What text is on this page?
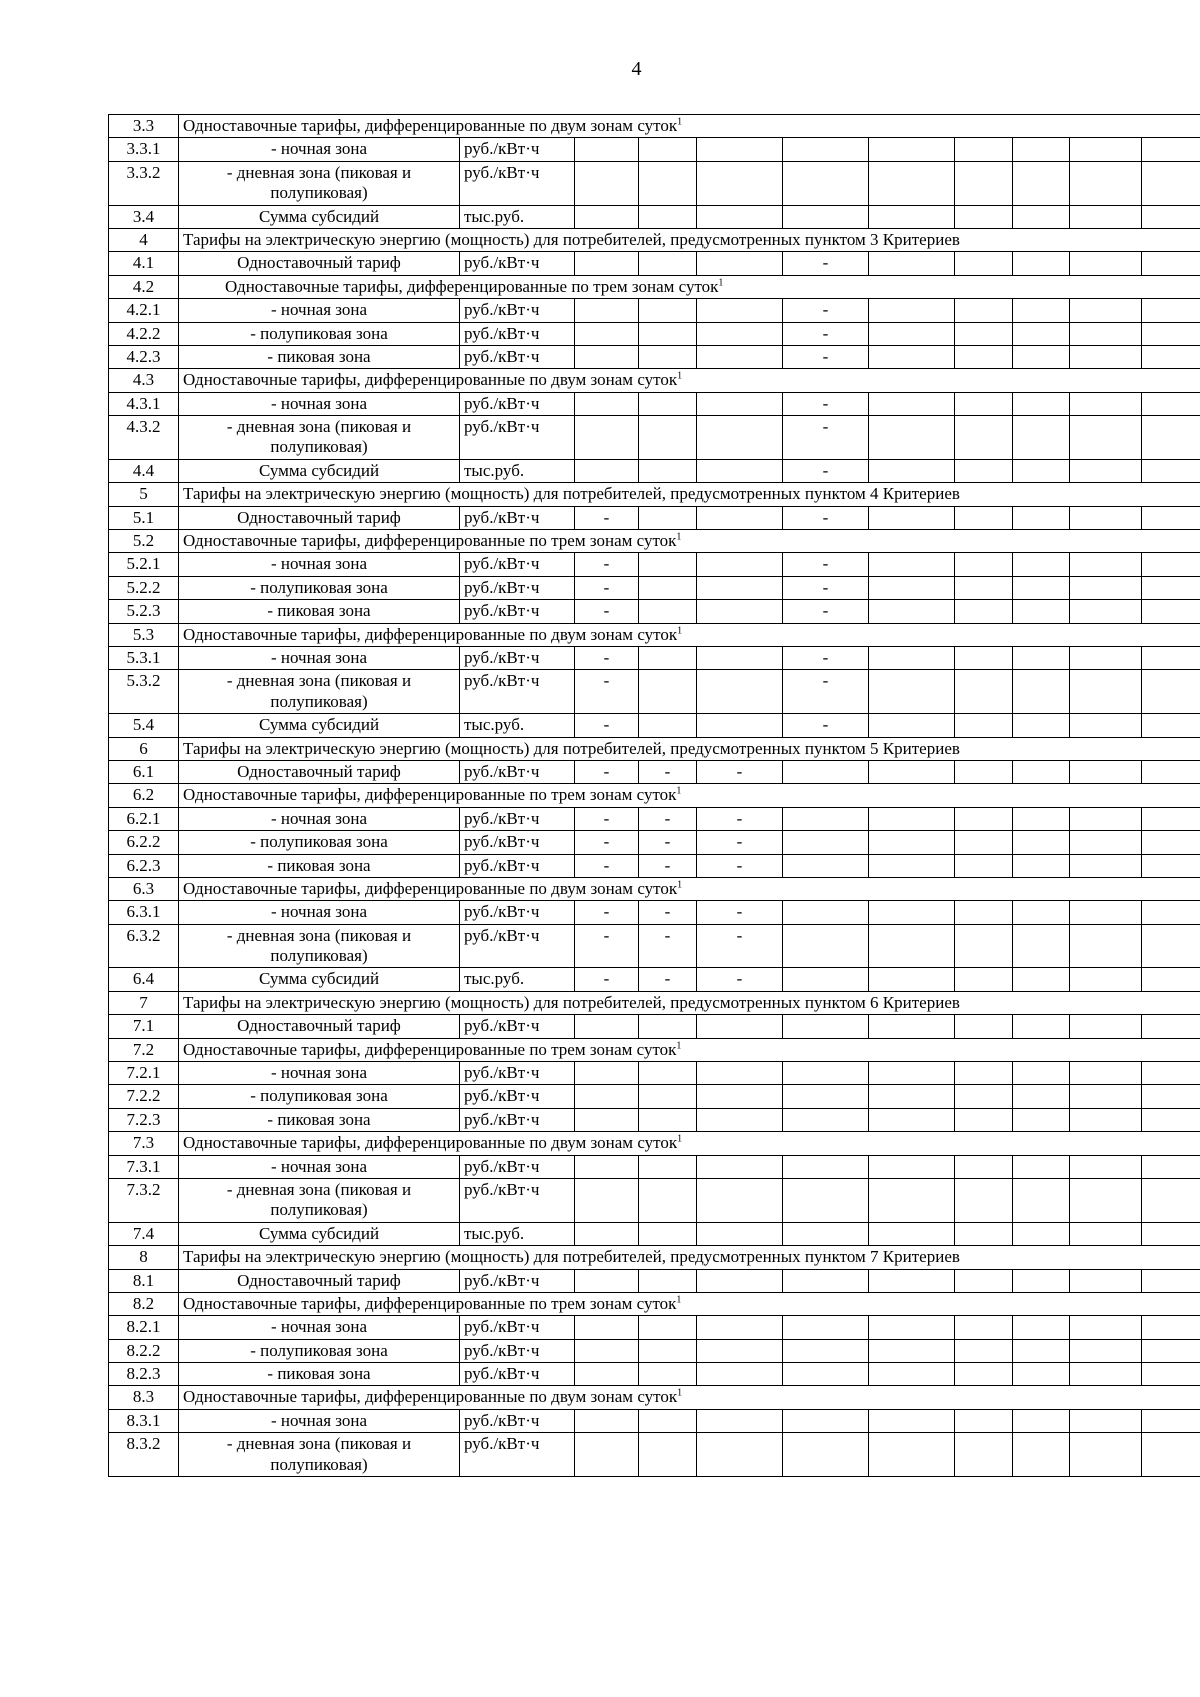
4
3.3	Одноставочные тарифы, дифференцированные по двум зонам суток$^1$
3.3.1	- ночная зона	руб./кВт·ч									
3.3.2	- дневная зона (пиковая и полупиковая)	руб./кВт·ч									
3.4	Сумма субсидий	тыс.руб.									
4	Тарифы на электрическую энергию (мощность) для потребителей, предусмотренных пунктом 3 Критериев										
4.1	Одноставочный тариф	руб./кВт·ч				-					
4.2	Одноставочные тарифы, дифференцированные по трем зонам суток$^1$
4.2.1	- ночная зона	руб./кВт·ч				-					
4.2.2	- полупиковая зона	руб./кВт·ч				-					
4.2.3	- пиковая зона	руб./кВт·ч				-					
4.3	Одноставочные тарифы, дифференцированные по двум зонам суток$^1$
4.3.1	- ночная зона	руб./кВт·ч				-					
4.3.2	- дневная зона (пиковая и полупиковая)	руб./кВт·ч				-					
4.4	Сумма субсидий	тыс.руб.				-					
5	Тарифы на электрическую энергию (мощность) для потребителей, предусмотренных пунктом 4 Критериев										
5.1	Одноставочный тариф	руб./кВт·ч	-			-					
5.2	Одноставочные тарифы, дифференцированные по трем зонам суток$^1$
5.2.1	- ночная зона	руб./кВт·ч	-			-					
5.2.2	- полупиковая зона	руб./кВт·ч	-			-					
5.2.3	- пиковая зона	руб./кВт·ч	-			-					
5.3	Одноставочные тарифы, дифференцированные по двум зонам суток$^1$
5.3.1	- ночная зона	руб./кВт·ч	-			-					
5.3.2	- дневная зона (пиковая и полупиковая)	руб./кВт·ч	-			-					
5.4	Сумма субсидий	тыс.руб.	-			-					
6	Тарифы на электрическую энергию (мощность) для потребителей, предусмотренных пунктом 5 Критериев										
6.1	Одноставочный тариф	руб./кВт·ч	-	-	-						
6.2	Одноставочные тарифы, дифференцированные по трем зонам суток$^1$
6.2.1	- ночная зона	руб./кВт·ч	-	-	-						
6.2.2	- полупиковая зона	руб./кВт·ч	-	-	-						
6.2.3	- пиковая зона	руб./кВт·ч	-	-	-						
6.3	Одноставочные тарифы, дифференцированные по двум зонам суток$^1$
6.3.1	- ночная зона	руб./кВт·ч	-	-	-						
6.3.2	- дневная зона (пиковая и полупиковая)	руб./кВт·ч	-	-	-						
6.4	Сумма субсидий	тыс.руб.	-	-	-						
7	Тарифы на электрическую энергию (мощность) для потребителей, предусмотренных пунктом 6 Критериев										
7.1	Одноставочный тариф	руб./кВт·ч									
7.2	Одноставочные тарифы, дифференцированные по трем зонам суток$^1$
7.2.1	- ночная зона	руб./кВт·ч									
7.2.2	- полупиковая зона	руб./кВт·ч									
7.2.3	- пиковая зона	руб./кВт·ч									
7.3	Одноставочные тарифы, дифференцированные по двум зонам суток$^1$
7.3.1	- ночная зона	руб./кВт·ч									
7.3.2	- дневная зона (пиковая и полупиковая)	руб./кВт·ч									
7.4	Сумма субсидий	тыс.руб.									
8	Тарифы на электрическую энергию (мощность) для потребителей, предусмотренных пунктом 7 Критериев										
8.1	Одноставочный тариф	руб./кВт·ч									
8.2	Одноставочные тарифы, дифференцированные по трем зонам суток$^1$
8.2.1	- ночная зона	руб./кВт·ч									
8.2.2	- полупиковая зона	руб./кВт·ч									
8.2.3	- пиковая зона	руб./кВт·ч									
8.3	Одноставочные тарифы, дифференцированные по двум зонам суток$^1$
8.3.1	- ночная зона	руб./кВт·ч									
8.3.2	- дневная зона (пиковая и полупиковая)	руб./кВт·ч									
